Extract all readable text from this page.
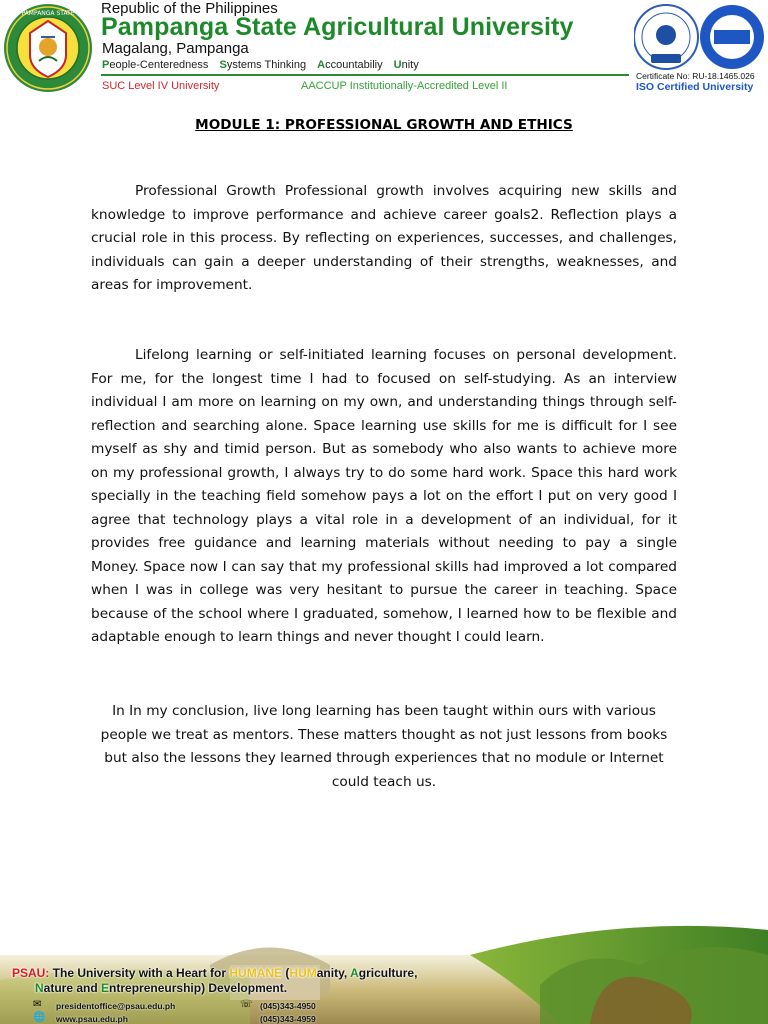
PAMPANGA STATE Republic of the Philippines
Pampanga State Agricultural University
Magalang, Pampanga
People-Centeredness Systems Thinking Accountabiliy Unity
SUC Level IV University	AACCUP Institutionally-Accredited Level II
Certificate No: RU-18.1465.026
ISO Certified University
MODULE 1: PROFESSIONAL GROWTH AND ETHICS

Professional Growth Professional growth involves acquiring new skills and knowledge to improve performance and achieve career goals2. Reflection plays a crucial role in this process. By reflecting on experiences, successes, and challenges, individuals can gain a deeper understanding of their strengths, weaknesses, and areas for improvement.

Lifelong learning or self-initiated learning focuses on personal development. For me, for the longest time I had to focused on self-studying. As an interview individual I am more on learning on my own, and understanding things through self-reflection and searching alone. Space learning use skills for me is difficult for I see myself as shy and timid person. But as somebody who also wants to achieve more on my professional growth, I always try to do some hard work. Space this hard work specially in the teaching field somehow pays a lot on the effort I put on very good I agree that technology plays a vital role in a development of an individual, for it provides free guidance and learning materials without needing to pay a single Money. Space now I can say that my professional skills had improved a lot compared when I was in college was very hesitant to pursue the career in teaching. Space because of the school where I graduated, somehow, I learned how to be flexible and adaptable enough to learn things and never thought I could learn.

In In my conclusion, live long learning has been taught within ours with various people we treat as mentors. These matters thought as not just lessons from books but also the lessons they learned through experiences that no module or Internet could teach us.

PSAU: The University with a Heart for HUMANE (HUManity, Agriculture,
Nature and Entrepreneurship) Development.
✉ presidentoffice@psau.edu.ph
🌐 www.psau.edu.ph
☏ (045)343-4950
(045)343-4959
